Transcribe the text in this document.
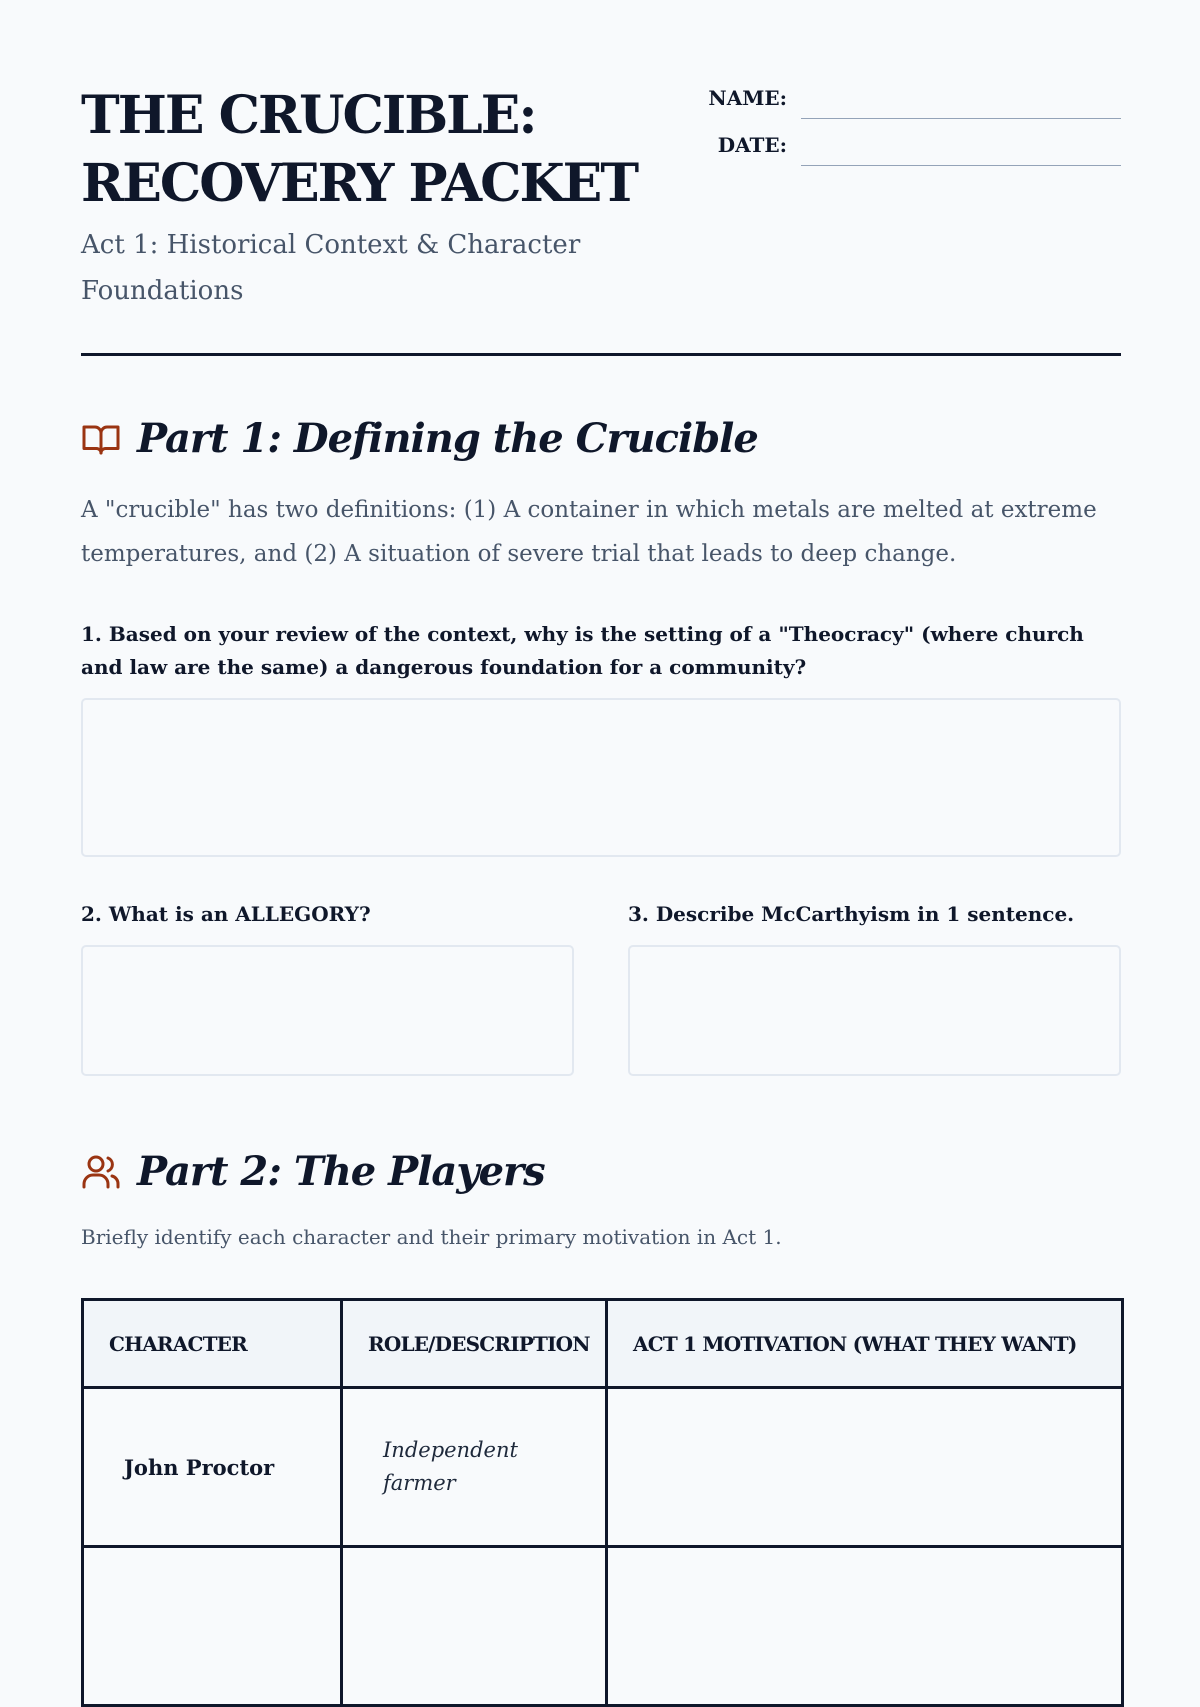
THE CRUCIBLE:
RECOVERY PACKET
Act 1: Historical Context & Character Foundations
NAME:
DATE:
Part 1: Defining the Crucible
A "crucible" has two definitions: (1) A container in which metals are melted at extreme temperatures, and (2) A situation of severe trial that leads to deep change.
1. Based on your review of the context, why is the setting of a "Theocracy" (where church and law are the same) a dangerous foundation for a community?
2. What is an ALLEGORY?	3. Describe McCarthyism in 1 sentence.
Part 2: The Players
Briefly identify each character and their primary motivation in Act 1.
CHARACTER	ROLE/DESCRIPTION	ACT 1 MOTIVATION (WHAT THEY WANT)
John Proctor	Independent farmer	
